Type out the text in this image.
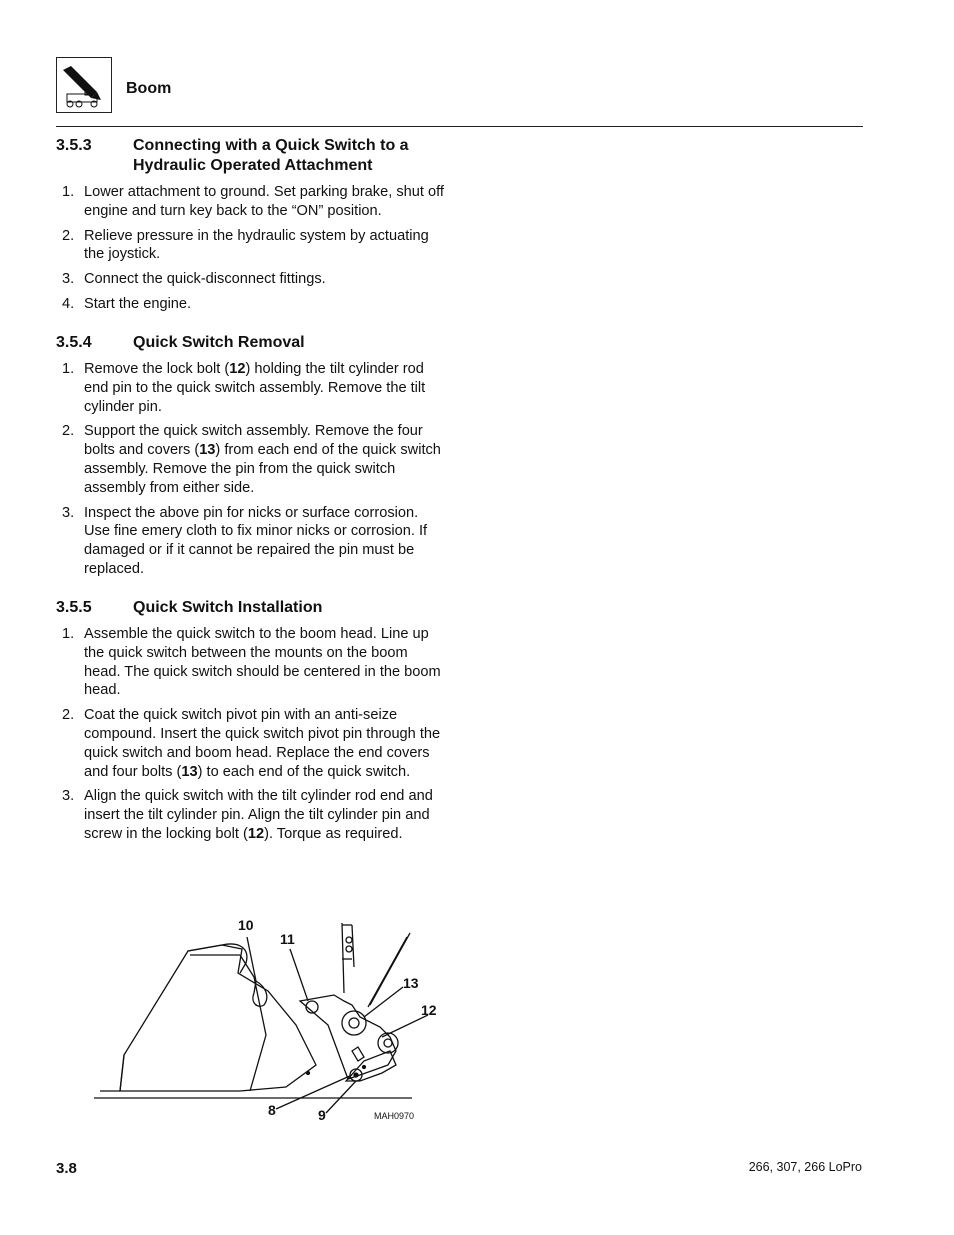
Boom
3.5.3	Connecting with a Quick Switch to a Hydraulic Operated Attachment
1. Lower attachment to ground. Set parking brake, shut off engine and turn key back to the “ON” position.
2. Relieve pressure in the hydraulic system by actuating the joystick.
3. Connect the quick-disconnect fittings.
4. Start the engine.
3.5.4	Quick Switch Removal
1. Remove the lock bolt (12) holding the tilt cylinder rod end pin to the quick switch assembly. Remove the tilt cylinder pin.
2. Support the quick switch assembly. Remove the four bolts and covers (13) from each end of the quick switch assembly. Remove the pin from the quick switch assembly from either side.
3. Inspect the above pin for nicks or surface corrosion. Use fine emery cloth to fix minor nicks or corrosion. If damaged or if it cannot be repaired the pin must be replaced.
3.5.5	Quick Switch Installation
1. Assemble the quick switch to the boom head. Line up the quick switch between the mounts on the boom head. The quick switch should be centered in the boom head.
2. Coat the quick switch pivot pin with an anti-seize compound. Insert the quick switch pivot pin through the quick switch and boom head. Replace the end covers and four bolts (13) to each end of the quick switch.
3. Align the quick switch with the tilt cylinder rod end and insert the tilt cylinder pin. Align the tilt cylinder pin and screw in the locking bolt (12). Torque as required.
10
11
13
12
8	9	MAH0970
3.8	266, 307, 266 LoPro
